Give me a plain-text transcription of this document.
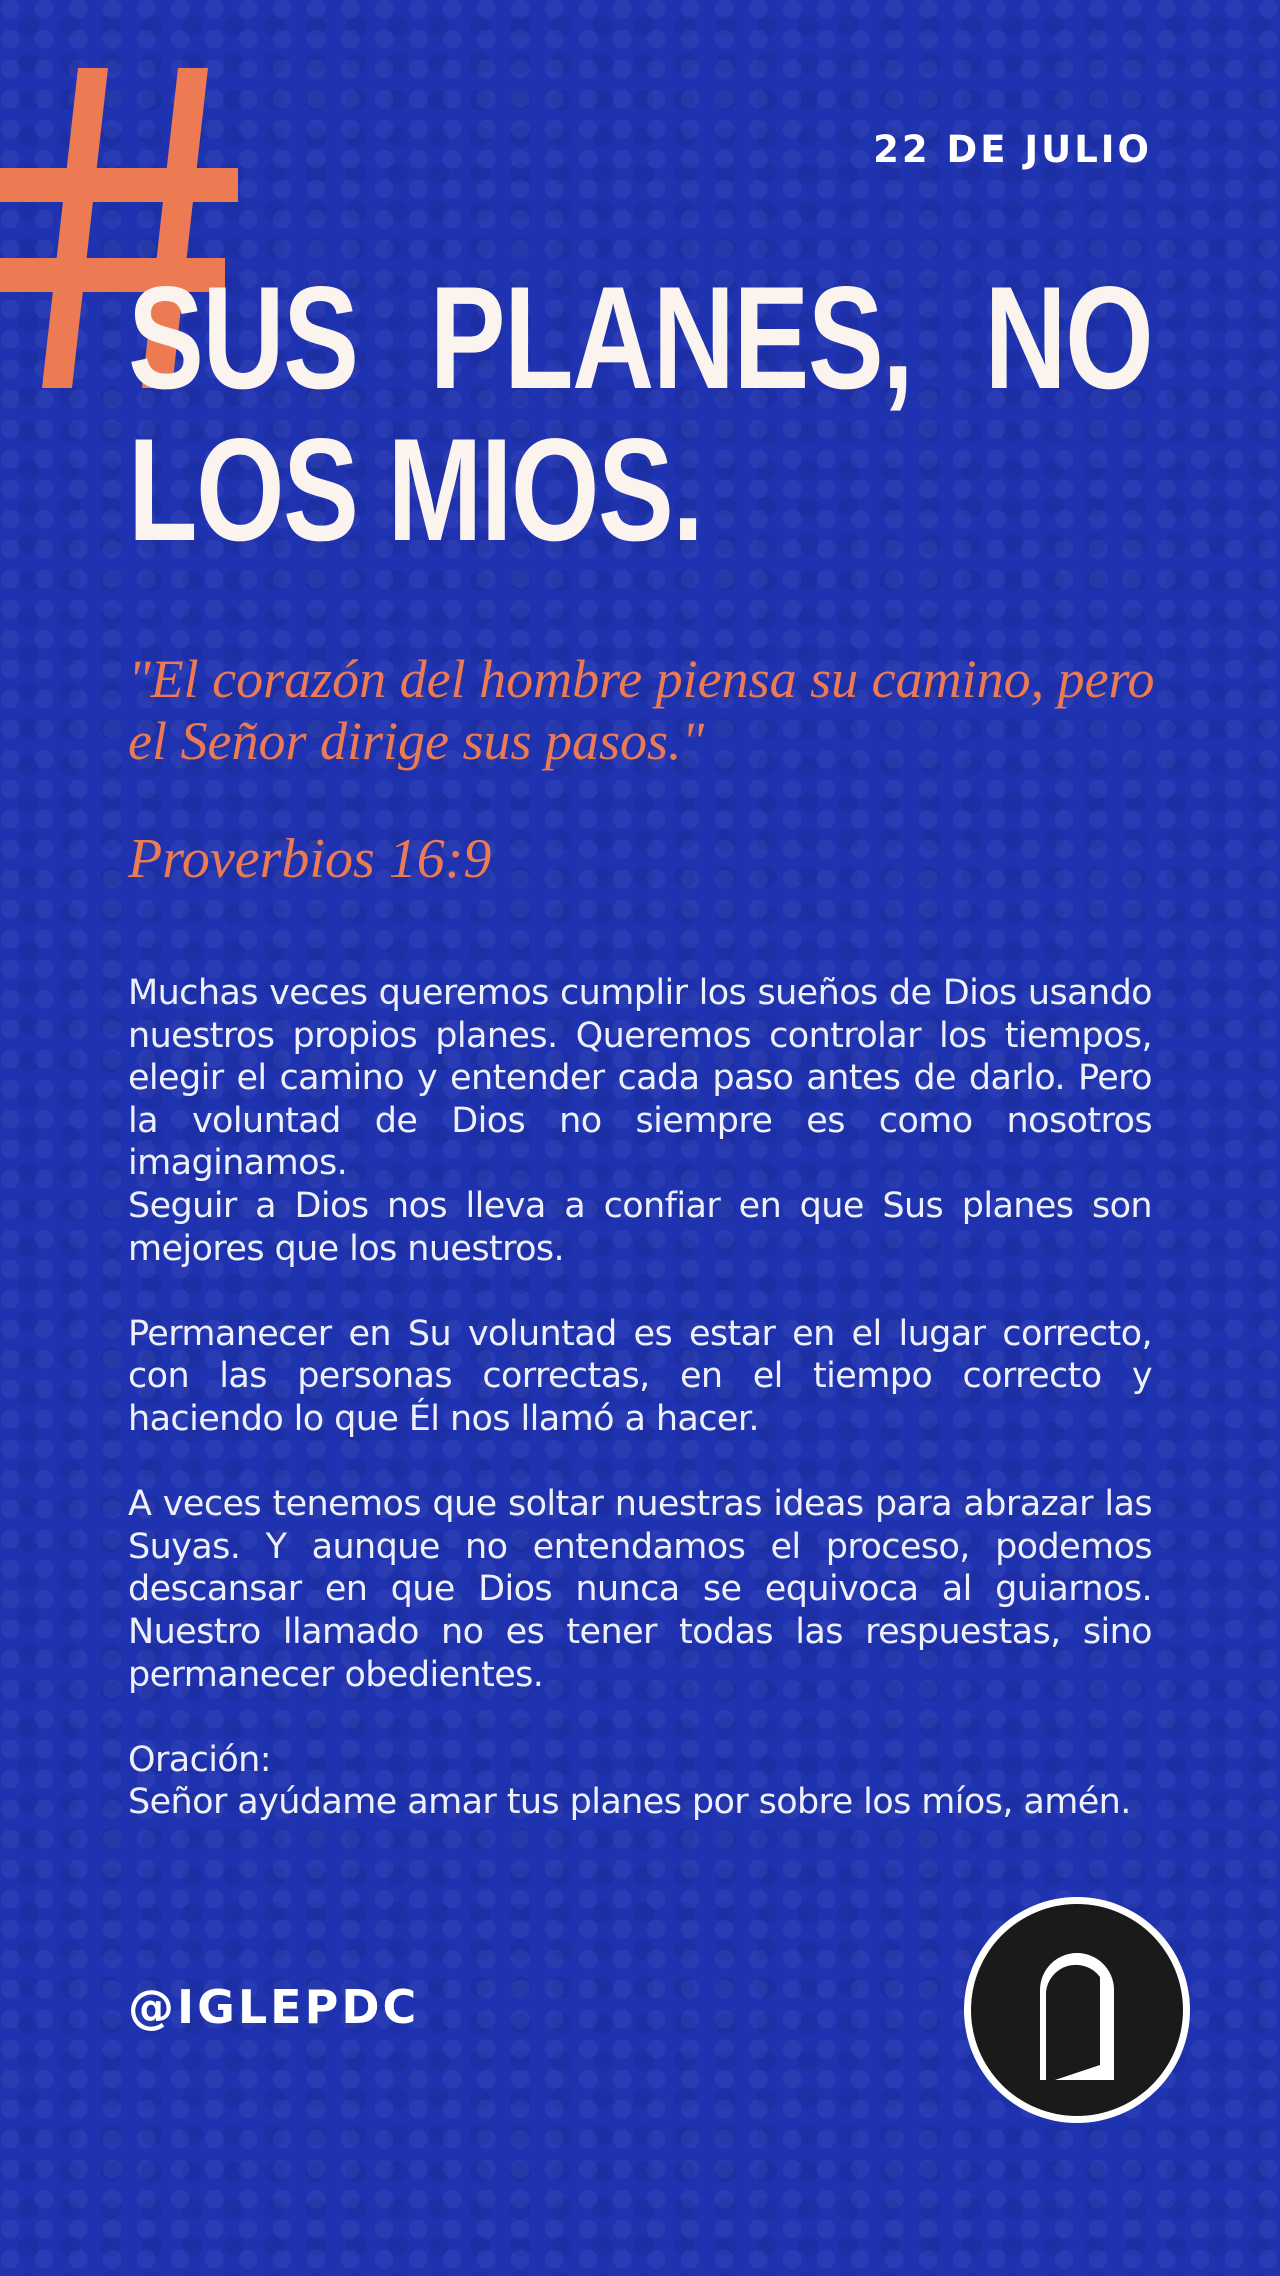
22 DE JULIO
SUS PLANES, NO
LOS MIOS.

"El corazón del hombre piensa su camino, pero el Señor dirige sus pasos."

Proverbios 16:9

Muchas veces queremos cumplir los sueños de Dios usando nuestros propios planes. Queremos controlar los tiempos, elegir el camino y entender cada paso antes de darlo. Pero la voluntad de Dios no siempre es como nosotros imaginamos.

Seguir a Dios nos lleva a confiar en que Sus planes son mejores que los nuestros.

Permanecer en Su voluntad es estar en el lugar correcto, con las personas correctas, en el tiempo correcto y haciendo lo que Él nos llamó a hacer.

A veces tenemos que soltar nuestras ideas para abrazar las Suyas. Y aunque no entendamos el proceso, podemos descansar en que Dios nunca se equivoca al guiarnos. Nuestro llamado no es tener todas las respuestas, sino permanecer obedientes.

Oración:

Señor ayúdame amar tus planes por sobre los míos, amén.

@IGLEPDC
